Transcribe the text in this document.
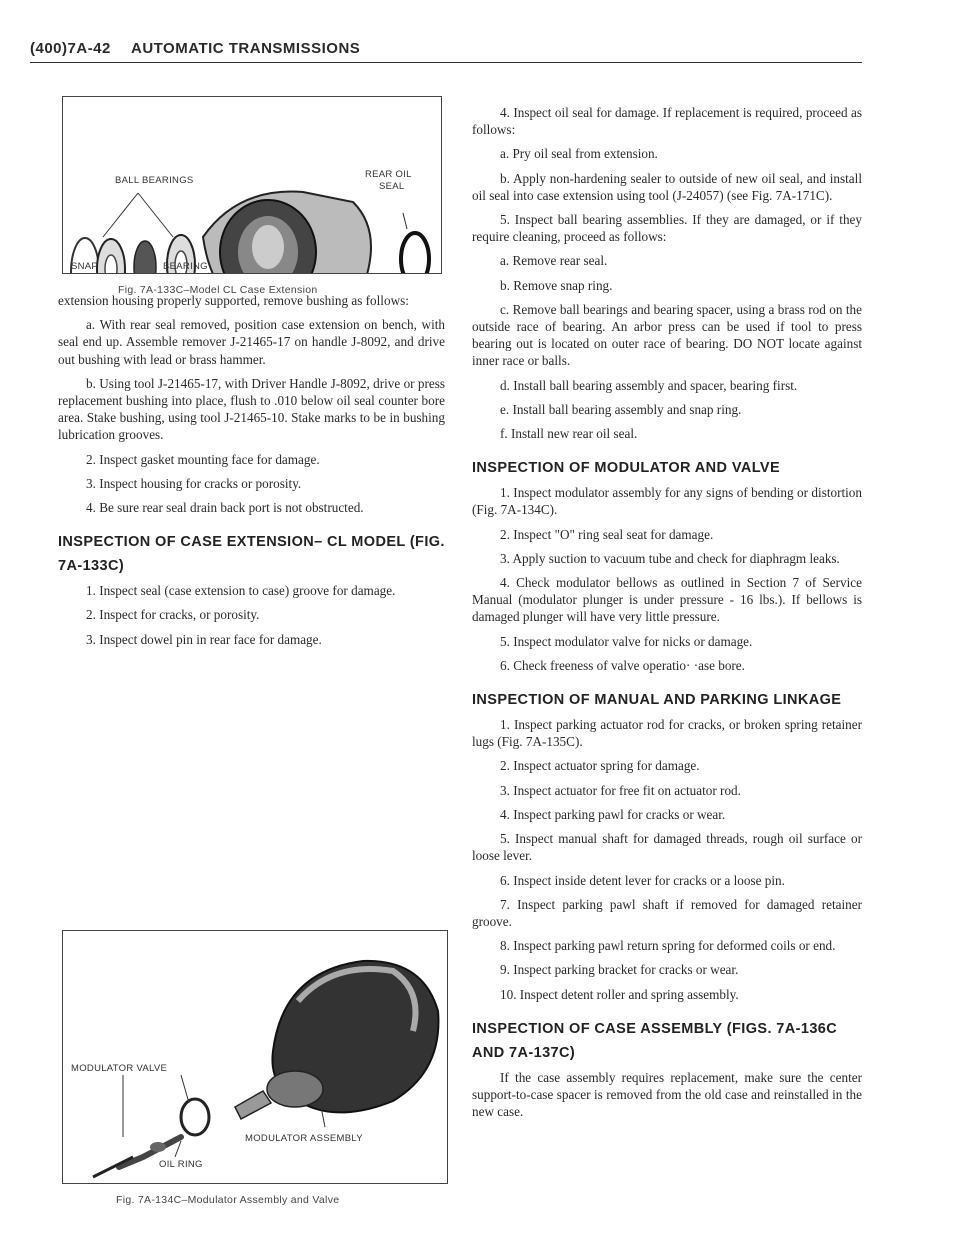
(400)7A-42 AUTOMATIC TRANSMISSIONS
BALL BEARINGS
REAR OIL
SEAL
SNAP	BEARING
Fig. 7A-133C–Model CL Case Extension

extension housing properly supported, remove bushing as follows:

a. With rear seal removed, position case extension on bench, with seal end up. Assemble remover J-21465-17 on handle J-8092, and drive out bushing with lead or brass hammer.

b. Using tool J-21465-17, with Driver Handle J-8092, drive or press replacement bushing into place, flush to .010 below oil seal counter bore area. Stake bushing, using tool J-21465-10. Stake marks to be in bushing lubrication grooves.

2. Inspect gasket mounting face for damage.

3. Inspect housing for cracks or porosity.

4. Be sure rear seal drain back port is not obstructed.

INSPECTION OF CASE EXTENSION– CL MODEL (FIG. 7A-133C)

1. Inspect seal (case extension to case) groove for damage.

2. Inspect for cracks, or porosity.

3. Inspect dowel pin in rear face for damage.

MODULATOR VALVE
MODULATOR ASSEMBLY
OIL RING
Fig. 7A-134C–Modulator Assembly and Valve

4. Inspect oil seal for damage. If replacement is required, proceed as follows:

a. Pry oil seal from extension.

b. Apply non-hardening sealer to outside of new oil seal, and install oil seal into case extension using tool (J-24057) (see Fig. 7A-171C).

5. Inspect ball bearing assemblies. If they are damaged, or if they require cleaning, proceed as follows:

a. Remove rear seal.

b. Remove snap ring.

c. Remove ball bearings and bearing spacer, using a brass rod on the outside race of bearing. An arbor press can be used if tool to press bearing out is located on outer race of bearing. DO NOT locate against inner race or balls.

d. Install ball bearing assembly and spacer, bearing first.

e. Install ball bearing assembly and snap ring.

f. Install new rear oil seal.

INSPECTION OF MODULATOR AND VALVE

1. Inspect modulator assembly for any signs of bending or distortion (Fig. 7A-134C).

2. Inspect "O" ring seal seat for damage.

3. Apply suction to vacuum tube and check for diaphragm leaks.

4. Check modulator bellows as outlined in Section 7 of Service Manual (modulator plunger is under pressure - 16 lbs.). If bellows is damaged plunger will have very little pressure.

5. Inspect modulator valve for nicks or damage.

6. Check freeness of valve operatio· ·ase bore.

INSPECTION OF MANUAL AND PARKING LINKAGE

1. Inspect parking actuator rod for cracks, or broken spring retainer lugs (Fig. 7A-135C).

2. Inspect actuator spring for damage.

3. Inspect actuator for free fit on actuator rod.

4. Inspect parking pawl for cracks or wear.

5. Inspect manual shaft for damaged threads, rough oil surface or loose lever.

6. Inspect inside detent lever for cracks or a loose pin.

7. Inspect parking pawl shaft if removed for damaged retainer groove.

8. Inspect parking pawl return spring for deformed coils or end.

9. Inspect parking bracket for cracks or wear.

10. Inspect detent roller and spring assembly.

INSPECTION OF CASE ASSEMBLY (FIGS. 7A-136C AND 7A-137C)

If the case assembly requires replacement, make sure the center support-to-case spacer is removed from the old case and reinstalled in the new case.
